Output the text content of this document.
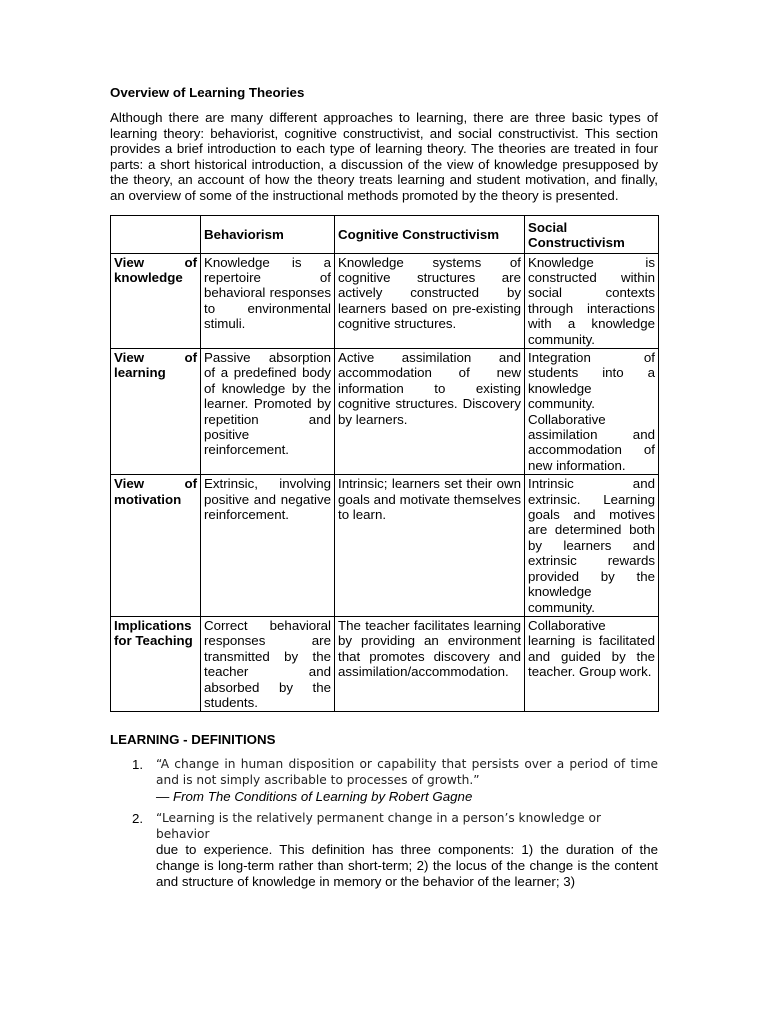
Overview of Learning Theories

Although there are many different approaches to learning, there are three basic types of learning theory: behaviorist, cognitive constructivist, and social constructivist. This section provides a brief introduction to each type of learning theory. The theories are treated in four parts: a short historical introduction, a discussion of the view of knowledge presupposed by the theory, an account of how the theory treats learning and student motivation, and finally, an overview of some of the instructional methods promoted by the theory is presented.

	Behaviorism	Cognitive Constructivism	Social Constructivism
View of knowledge	Knowledge is a repertoire of behavioral responses to environmental stimuli.	Knowledge systems of cognitive structures are actively constructed by learners based on pre-existing cognitive structures.	Knowledge is constructed within social contexts through interactions with a knowledge community.
View of learning	Passive absorption of a predefined body of knowledge by the learner. Promoted by repetition and positive reinforcement.	Active assimilation and accommodation of new information to existing cognitive structures. Discovery by learners.	Integration of students into a knowledge community. Collaborative assimilation and accommodation of new information.
View of motivation	Extrinsic, involving positive and negative reinforcement.	Intrinsic; learners set their own goals and motivate themselves to learn.	Intrinsic and extrinsic. Learning goals and motives are determined both by learners and extrinsic rewards provided by the knowledge community.
Implications for Teaching	Correct behavioral responses are transmitted by the teacher and absorbed by the students.	The teacher facilitates learning by providing an environment that promotes discovery and assimilation/accommodation.	Collaborative learning is facilitated and guided by the teacher. Group work.
LEARNING - DEFINITIONS
1. “A change in human disposition or capability that persists over a period of time and is not simply ascribable to processes of growth.”
— From The Conditions of Learning by Robert Gagne
2. “Learning is the relatively permanent change in a person’s knowledge or behavior
due to experience. This definition has three components: 1) the duration of the change is long-term rather than short-term; 2) the locus of the change is the content and structure of knowledge in memory or the behavior of the learner; 3)
